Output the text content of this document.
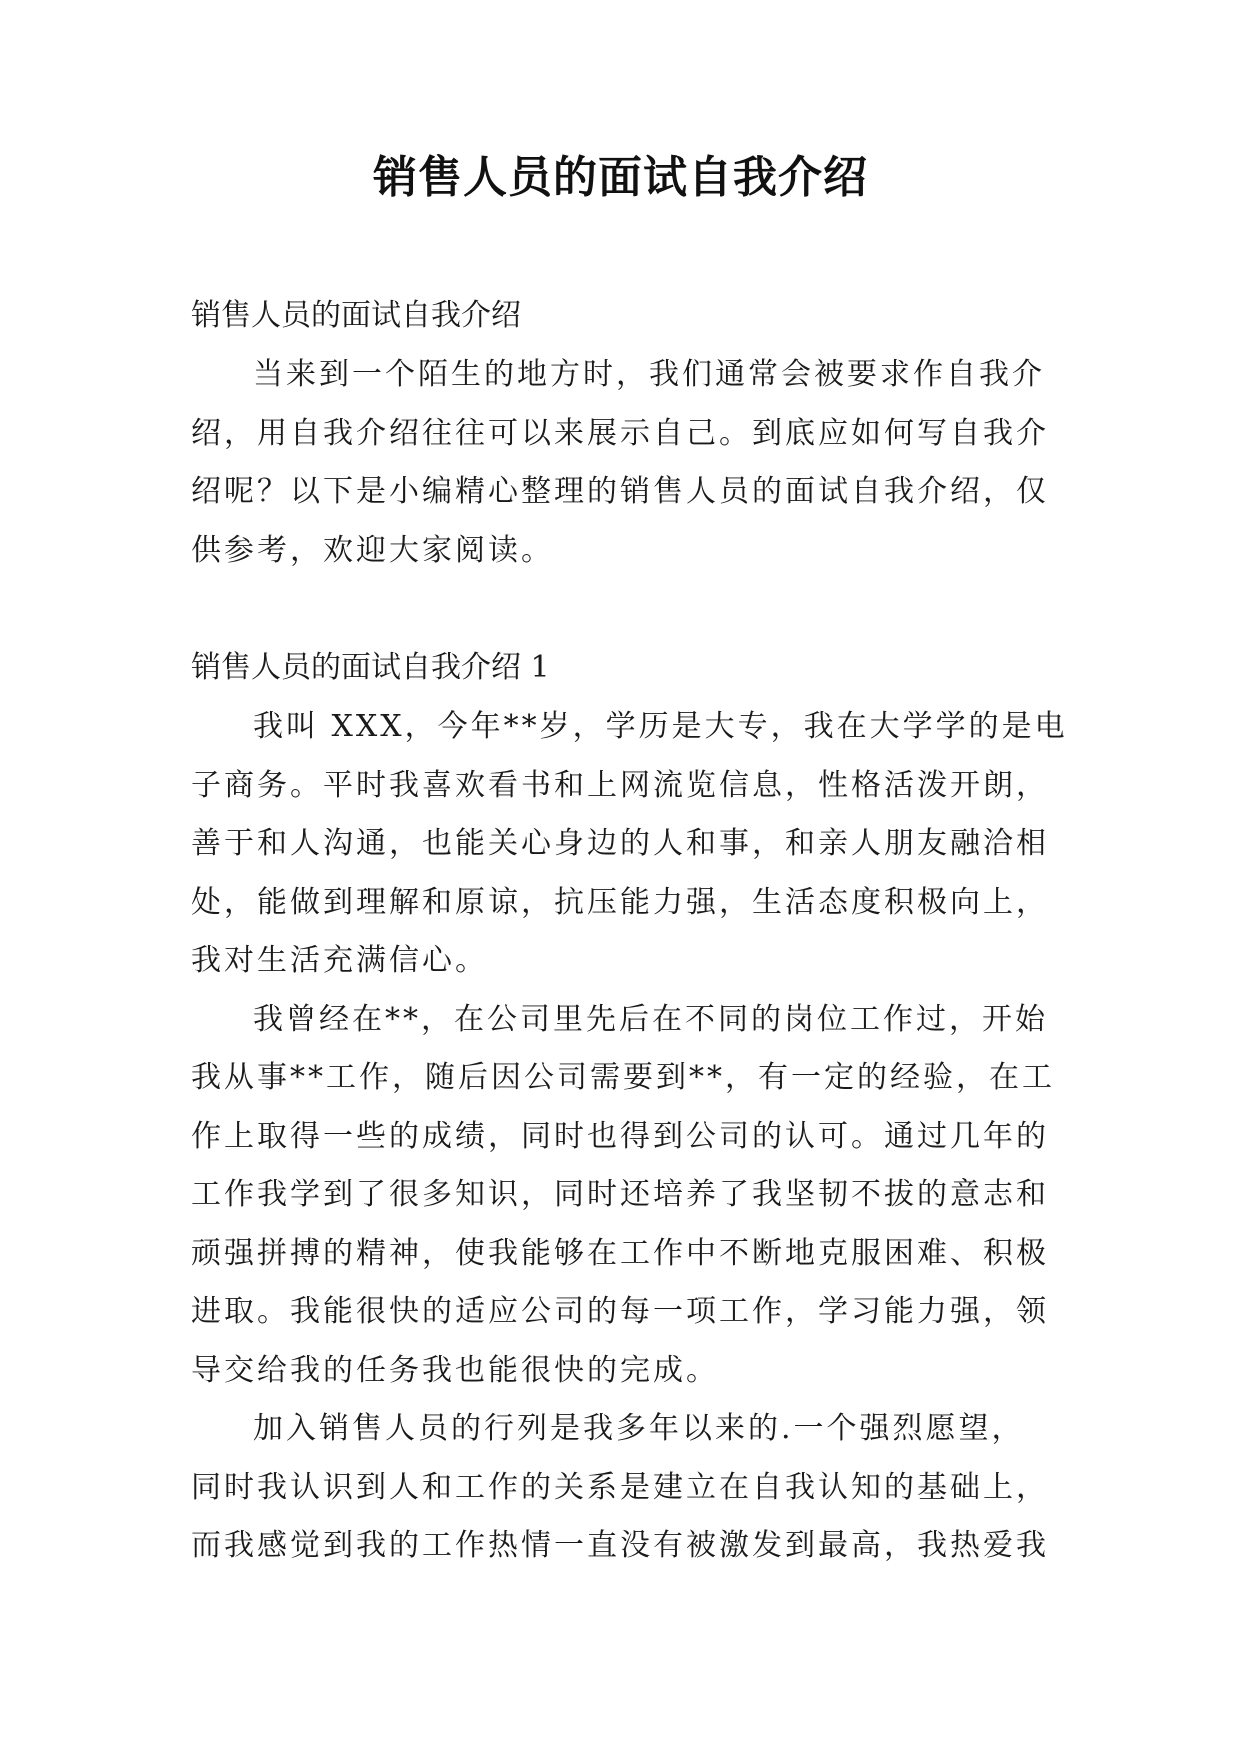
销售人员的面试自我介绍

销售人员的面试自我介绍

当来到一个陌生的地方时，我们通常会被要求作自我介
绍，用自我介绍往往可以来展示自己。到底应如何写自我介
绍呢？以下是小编精心整理的销售人员的面试自我介绍，仅
供参考，欢迎大家阅读。

销售人员的面试自我介绍 1

我叫 XXX，今年**岁，学历是大专，我在大学学的是电
子商务。平时我喜欢看书和上网流览信息，性格活泼开朗，
善于和人沟通，也能关心身边的人和事，和亲人朋友融洽相
处，能做到理解和原谅，抗压能力强，生活态度积极向上，
我对生活充满信心。
我曾经在**，在公司里先后在不同的岗位工作过，开始
我从事**工作，随后因公司需要到**，有一定的经验，在工
作上取得一些的成绩，同时也得到公司的认可。通过几年的
工作我学到了很多知识，同时还培养了我坚韧不拔的意志和
顽强拼搏的精神，使我能够在工作中不断地克服困难、积极
进取。我能很快的适应公司的每一项工作，学习能力强，领
导交给我的任务我也能很快的完成。
加入销售人员的行列是我多年以来的.一个强烈愿望，
同时我认识到人和工作的关系是建立在自我认知的基础上，
而我感觉到我的工作热情一直没有被激发到最高，我热爱我
